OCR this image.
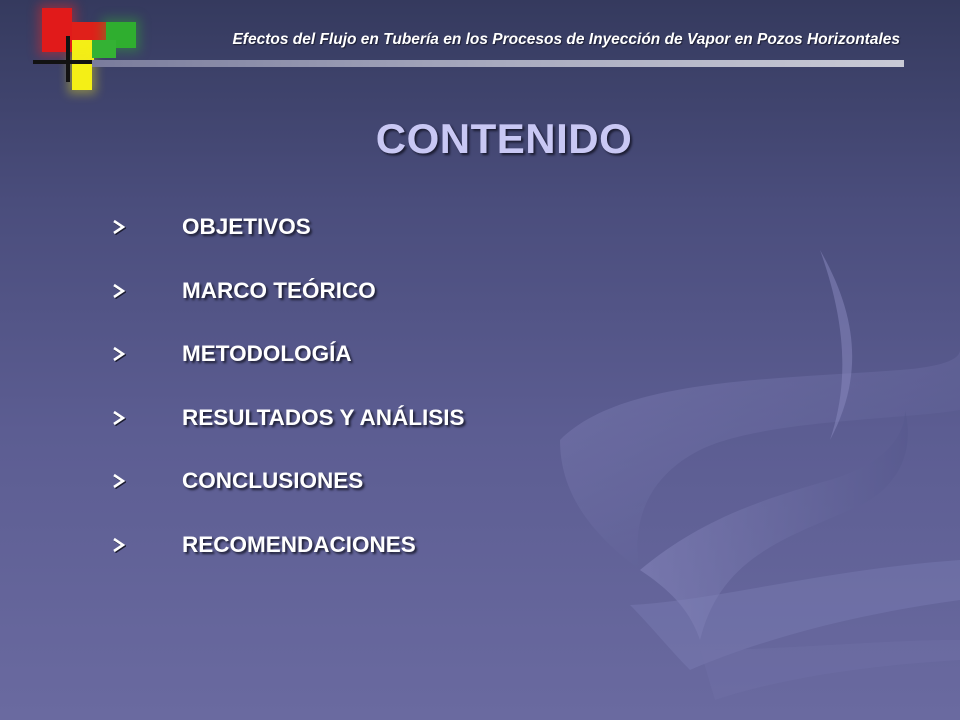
Efectos del Flujo en Tubería en los Procesos de Inyección de Vapor en Pozos Horizontales
CONTENIDO
OBJETIVOS
MARCO TEÓRICO
METODOLOGÍA
RESULTADOS Y ANÁLISIS
CONCLUSIONES
RECOMENDACIONES
